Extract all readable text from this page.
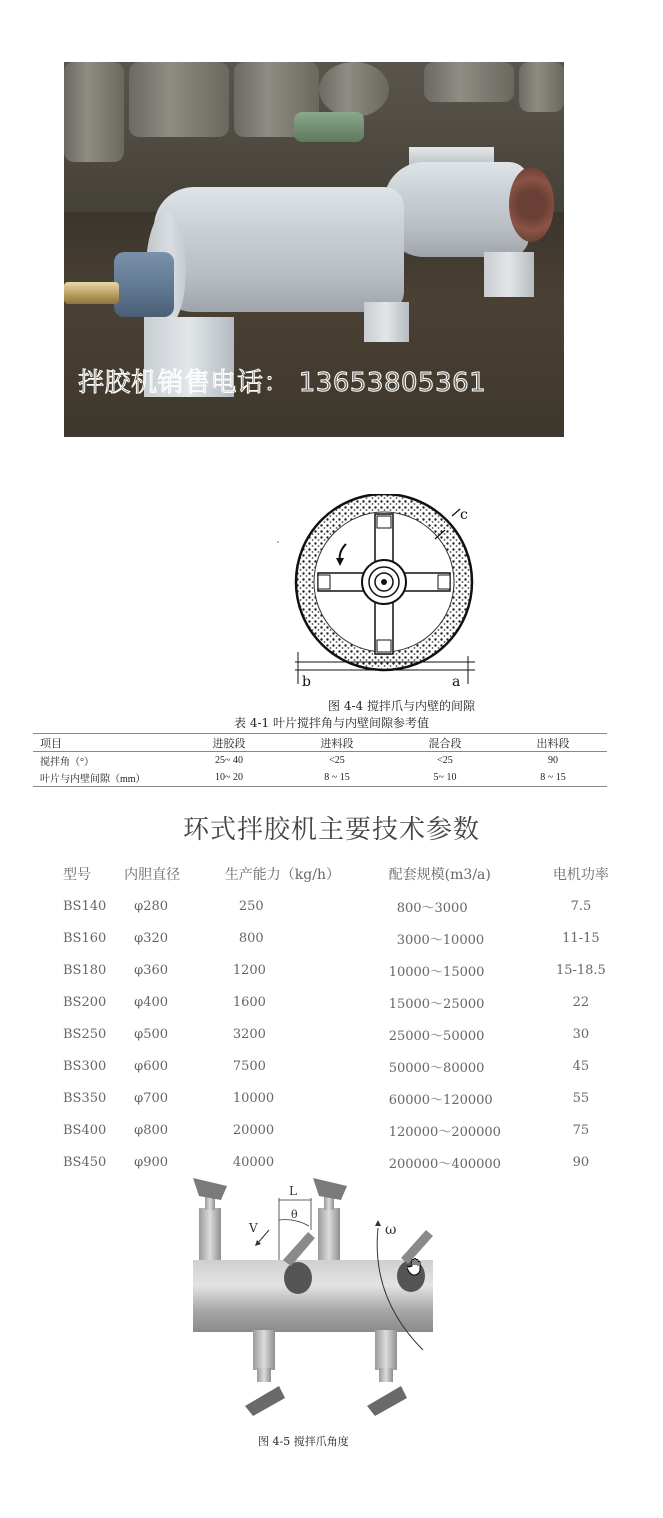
拌胶机销售电话： 13653805361
c
b	a
图 4-4 搅拌爪与内壁的间隙
表 4-1 叶片搅拌角与内壁间隙参考值
项目	进胶段	进料段	混合段	出料段
搅拌角（°）	25~ 40	<25	<25	90
叶片与内壁间隙（mm）	10~ 20	8 ~ 15	5~ 10	8 ~ 15
环式拌胶机主要技术参数
型号	内胆直径	生产能力（kg/h）	配套规模(m3/a)	电机功率
BS140	φ280	250	800～3000	7.5
BS160	φ320	800	3000～10000	11-15
BS180	φ360	1200	10000～15000	15-18.5
BS200	φ400	1600	15000～25000	22
BS250	φ500	3200	25000～50000	30
BS300	φ600	7500	50000～80000	45
BS350	φ700	10000	60000～120000	55
BS400	φ800	20000	120000～200000	75
BS450	φ900	40000	200000～400000	90
L
θ
V	ω
图 4-5 搅拌爪角度
